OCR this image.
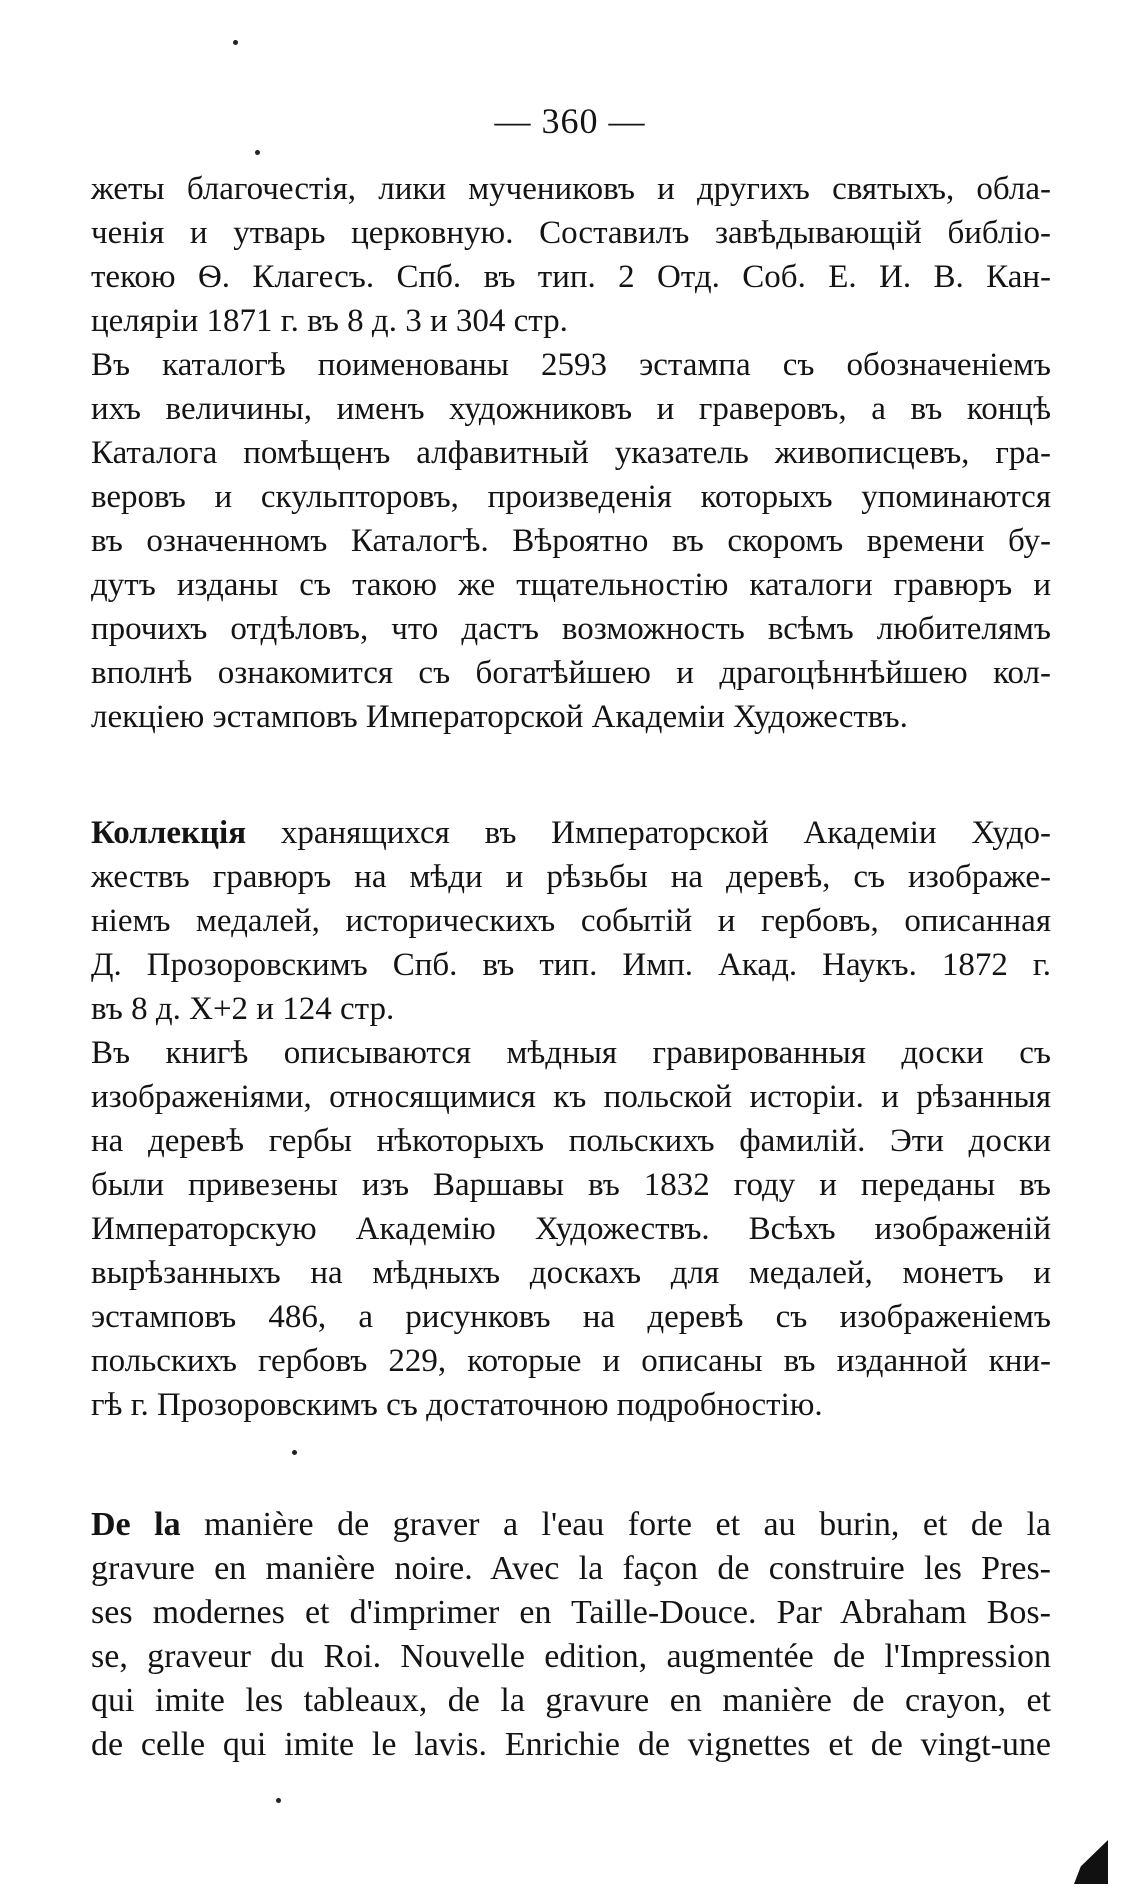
— 360 —
жеты благочестія, лики мучениковъ и другихъ святыхъ, обла-
ченія и утварь церковную. Составилъ завѣдывающій библіо-
текою Ѳ. Клагесъ. Спб. въ тип. 2 Отд. Соб. Е. И. В. Кан-
целяріи 1871 г. въ 8 д. 3 и 304 стр.
Въ каталогѣ поименованы 2593 эстампа съ обозначеніемъ
ихъ величины, именъ художниковъ и граверовъ, а въ концѣ
Каталога помѣщенъ алфавитный указатель живописцевъ, гра-
веровъ и скульпторовъ, произведенія которыхъ упоминаются
въ означенномъ Каталогѣ. Вѣроятно въ скоромъ времени бу-
дутъ изданы съ такою же тщательностію каталоги гравюръ и
прочихъ отдѣловъ, что дастъ возможность всѣмъ любителямъ
вполнѣ ознакомится съ богатѣйшею и драгоцѣннѣйшею кол-
лекціею эстамповъ Императорской Академіи Художествъ.
Коллекція хранящихся въ Императорской Академіи Худо-
жествъ гравюръ на мѣди и рѣзьбы на деревѣ, съ изображе-
ніемъ медалей, историческихъ событій и гербовъ, описанная
Д. Прозоровскимъ Спб. въ тип. Имп. Акад. Наукъ. 1872 г.
въ 8 д. X+2 и 124 стр.
Въ книгѣ описываются мѣдныя гравированныя доски съ
изображеніями, относящимися къ польской исторіи. и рѣзанныя
на деревѣ гербы нѣкоторыхъ польскихъ фамилій. Эти доски
были привезены изъ Варшавы въ 1832 году и переданы въ
Императорскую Академію Художествъ. Всѣхъ изображеній
вырѣзанныхъ на мѣдныхъ доскахъ для медалей, монетъ и
эстамповъ 486, а рисунковъ на деревѣ съ изображеніемъ
польскихъ гербовъ 229, которые и описаны въ изданной кни-
гѣ г. Прозоровскимъ съ достаточною подробностію.
De la manière de graver a l'eau forte et au burin, et de la
gravure en manière noire. Avec la façon de construire les Pres-
ses modernes et d'imprimer en Taille-Douce. Par Abraham Bos-
se, graveur du Roi. Nouvelle edition, augmentée de l'Impression
qui imite les tableaux, de la gravure en manière de crayon, et
de celle qui imite le lavis. Enrichie de vignettes et de vingt-une
